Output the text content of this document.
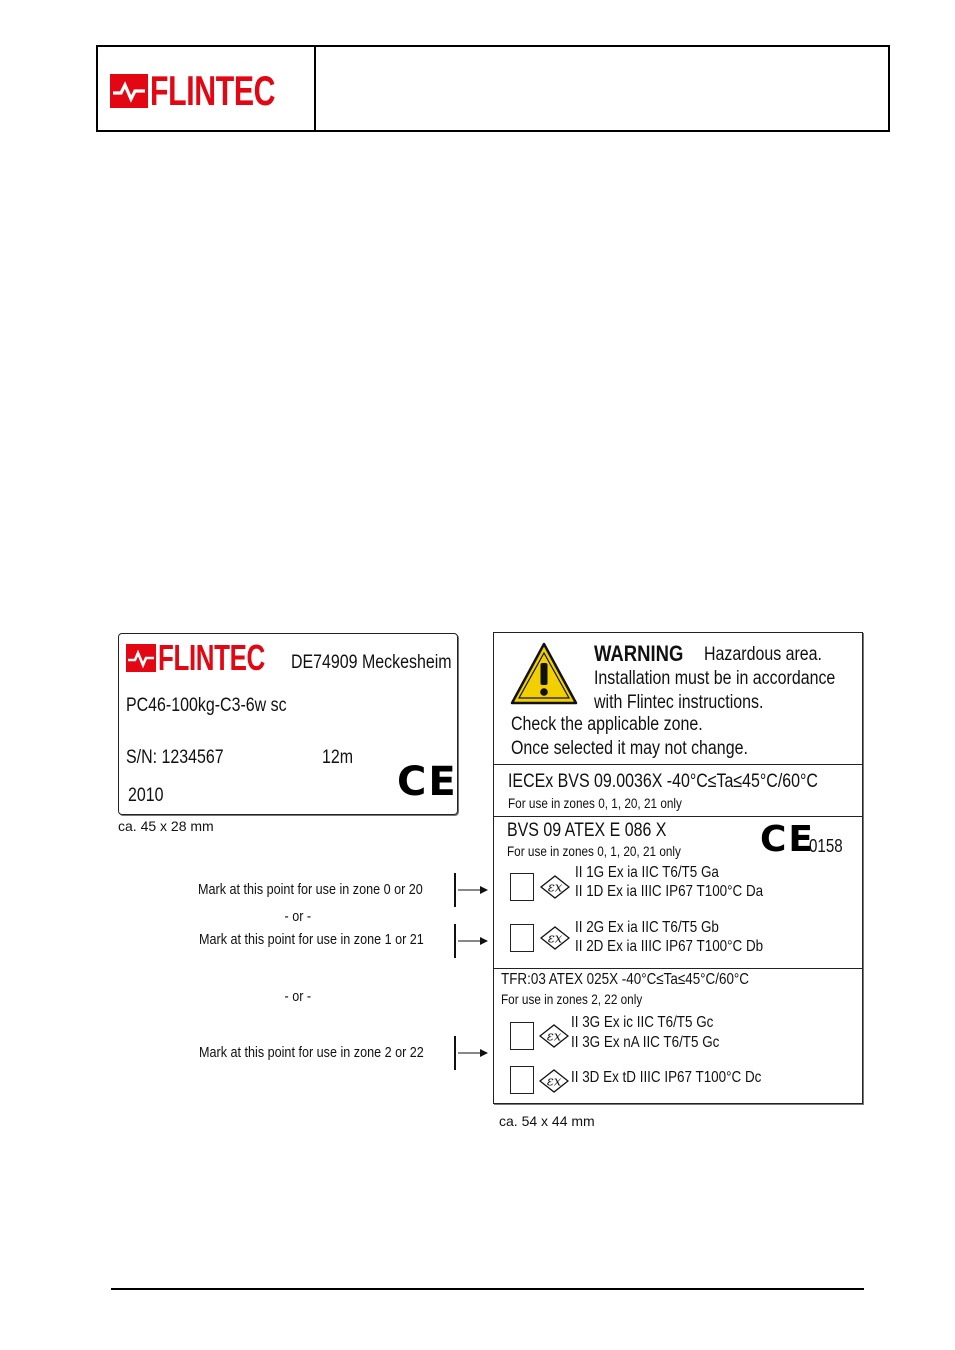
FLINTEC
FLINTEC DE74909 Meckesheim
PC46-100kg-C3-6w sc
S/N: 1234567	12m
2010	CE
ca. 45 x 28 mm
WARNING	Hazardous area.
Installation must be in accordance
with Flintec instructions.
Check the applicable zone.
Once selected it may not change.
IECEx BVS 09.0036X -40°C≤Ta≤45°C/60°C
For use in zones 0, 1, 20, 21 only
BVS 09 ATEX E 086 X
For use in zones 0, 1, 20, 21 only	CE
0158
II 1G Ex ia IIC T6/T5 Ga
II 1D Ex ia IIIC IP67 T100°C Da
II 2G Ex ia IIC T6/T5 Gb
II 2D Ex ia IIIC IP67 T100°C Db
TFR:03 ATEX 025X -40°C≤Ta≤45°C/60°C
For use in zones 2, 22 only
II 3G Ex ic IIC T6/T5 Gc
II 3G Ex nA IIC T6/T5 Gc
II 3D Ex tD IIIC IP67 T100°C Dc
ca. 54 x 44 mm
Mark at this point for use in zone 0 or 20
- or -
Mark at this point for use in zone 1 or 21
- or -
Mark at this point for use in zone 2 or 22
